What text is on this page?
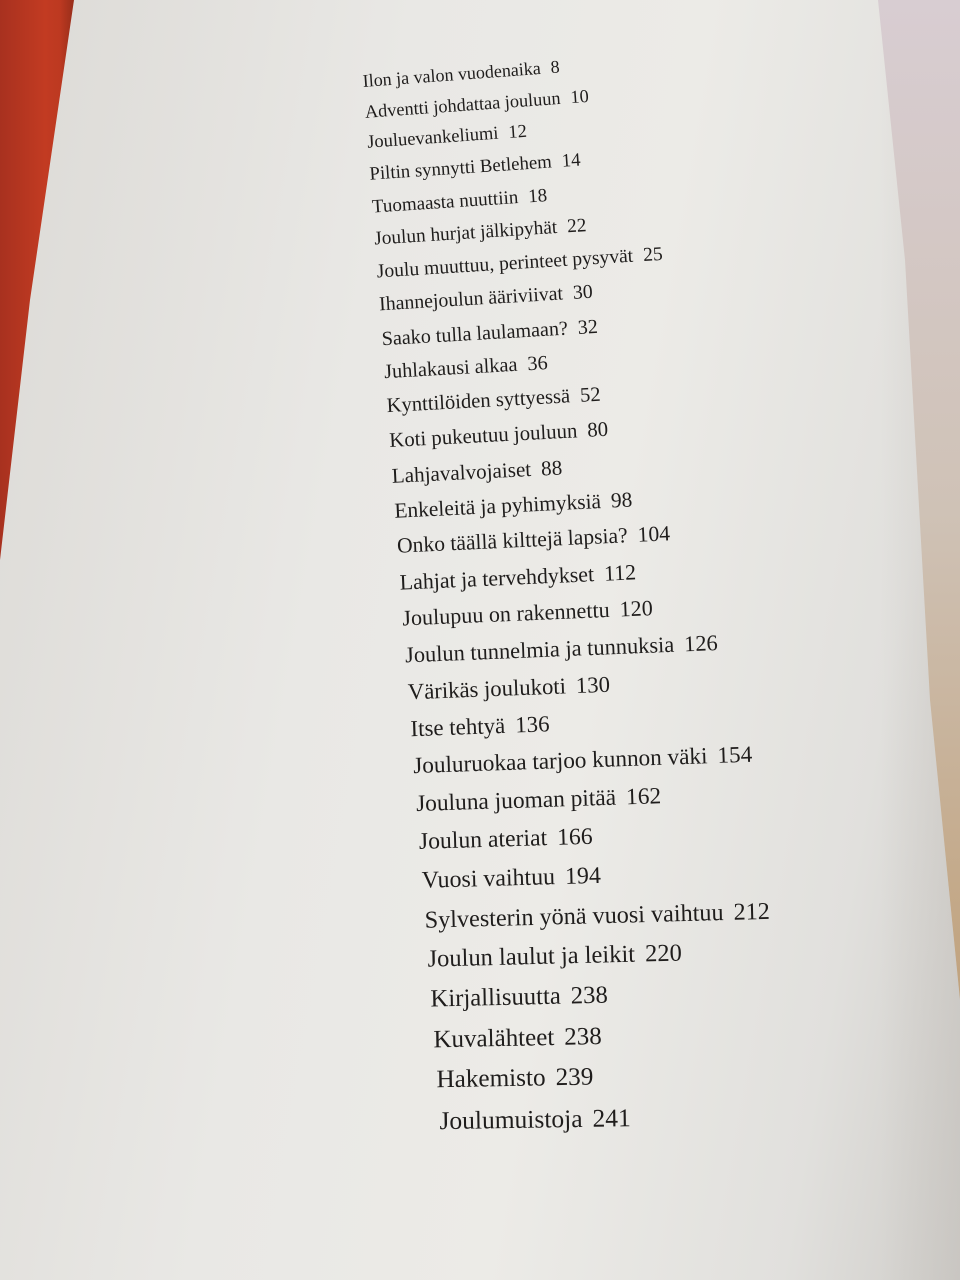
Ilon ja valon vuodenaika 8
Adventti johdattaa jouluun 10
Jouluevankeliumi 12
Piltin synnytti Betlehem 14
Tuomaasta nuuttiin 18
Joulun hurjat jälkipyhät 22
Joulu muuttuu, perinteet pysyvät 25
Ihannejoulun ääriviivat 30
Saako tulla laulamaan? 32
Juhlakausi alkaa 36
Kynttilöiden syttyessä 52
Koti pukeutuu jouluun 80
Lahjavalvojaiset 88
Enkeleitä ja pyhimyksiä 98
Onko täällä kilttejä lapsia? 104
Lahjat ja tervehdykset 112
Joulupuu on rakennettu 120
Joulun tunnelmia ja tunnuksia 126
Värikäs joulukoti 130
Itse tehtyä 136
Jouluruokaa tarjoo kunnon väki 154
Jouluna juoman pitää 162
Joulun ateriat 166
Vuosi vaihtuu 194
Sylvesterin yönä vuosi vaihtuu 212
Joulun laulut ja leikit 220
Kirjallisuutta 238
Kuvalähteet 238
Hakemisto 239
Joulumuistoja 241
